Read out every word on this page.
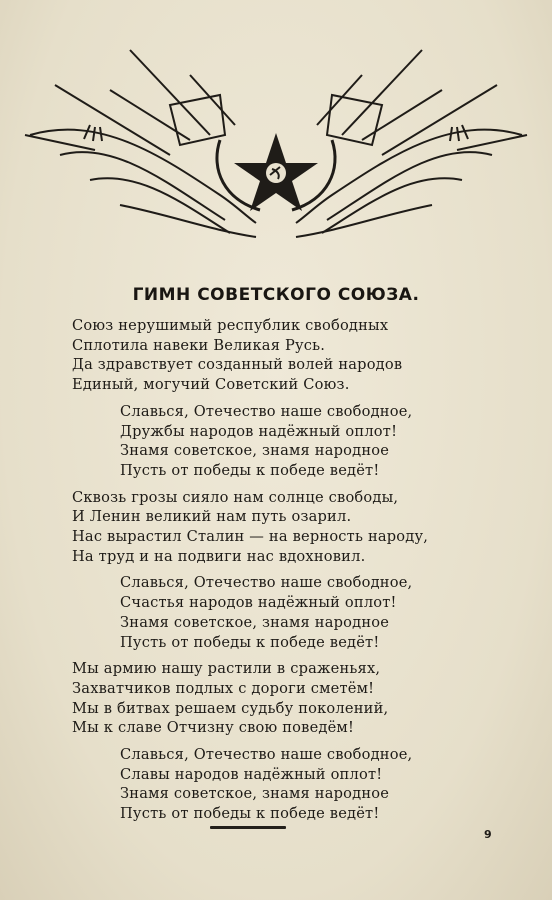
ГИМН СОВЕТСКОГО СОЮЗА.
Союз нерушимый республик свободных
Сплотила навеки Великая Русь.
Да здравствует созданный волей народов
Единый, могучий Советский Союз.
Славься, Отечество наше свободное,
Дружбы народов надёжный оплот!
Знамя советское, знамя народное
Пусть от победы к победе ведёт!
Сквозь грозы сияло нам солнце свободы,
И Ленин великий нам путь озарил.
Нас вырастил Сталин — на верность народу,
На труд и на подвиги нас вдохновил.
Славься, Отечество наше свободное,
Счастья народов надёжный оплот!
Знамя советское, знамя народное
Пусть от победы к победе ведёт!
Мы армию нашу растили в сраженьях,
Захватчиков подлых с дороги сметём!
Мы в битвах решаем судьбу поколений,
Мы к славе Отчизну свою поведём!
Славься, Отечество наше свободное,
Славы народов надёжный оплот!
Знамя советское, знамя народное
Пусть от победы к победе ведёт!
9
